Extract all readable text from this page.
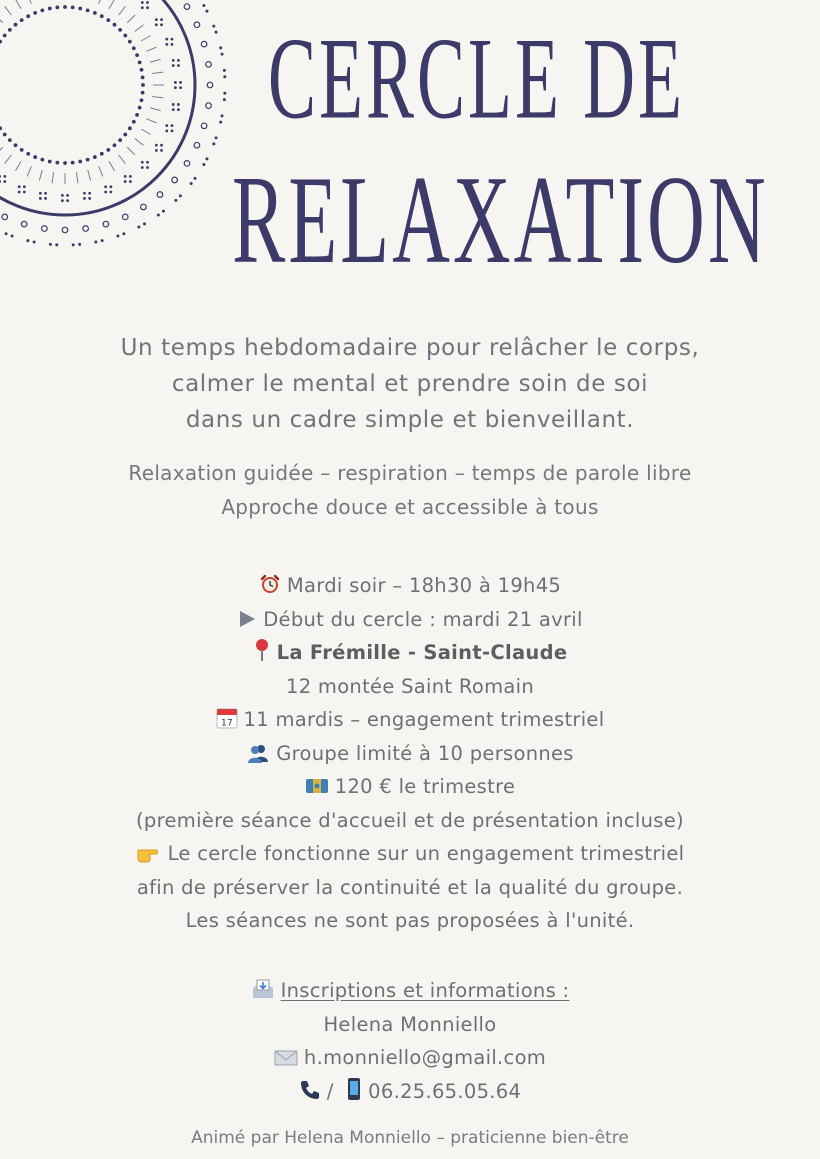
CERCLE DE
RELAXATION

Un temps hebdomadaire pour relâcher le corps,

calmer le mental et prendre soin de soi

dans un cadre simple et bienveillant.

Relaxation guidée – respiration – temps de parole libre

Approche douce et accessible à tous

Mardi soir – 18h30 à 19h45

Début du cercle : mardi 21 avril

La Frémille - Saint-Claude

12 montée Saint Romain

17 11 mardis – engagement trimestriel

Groupe limité à 10 personnes

120 € le trimestre

(première séance d'accueil et de présentation incluse)

Le cercle fonctionne sur un engagement trimestriel

afin de préserver la continuité et la qualité du groupe.

Les séances ne sont pas proposées à l'unité.

Inscriptions et informations :

Helena Monniello

h.monniello@gmail.com

/ 06.25.65.05.64

Animé par Helena Monniello – praticienne bien-être
